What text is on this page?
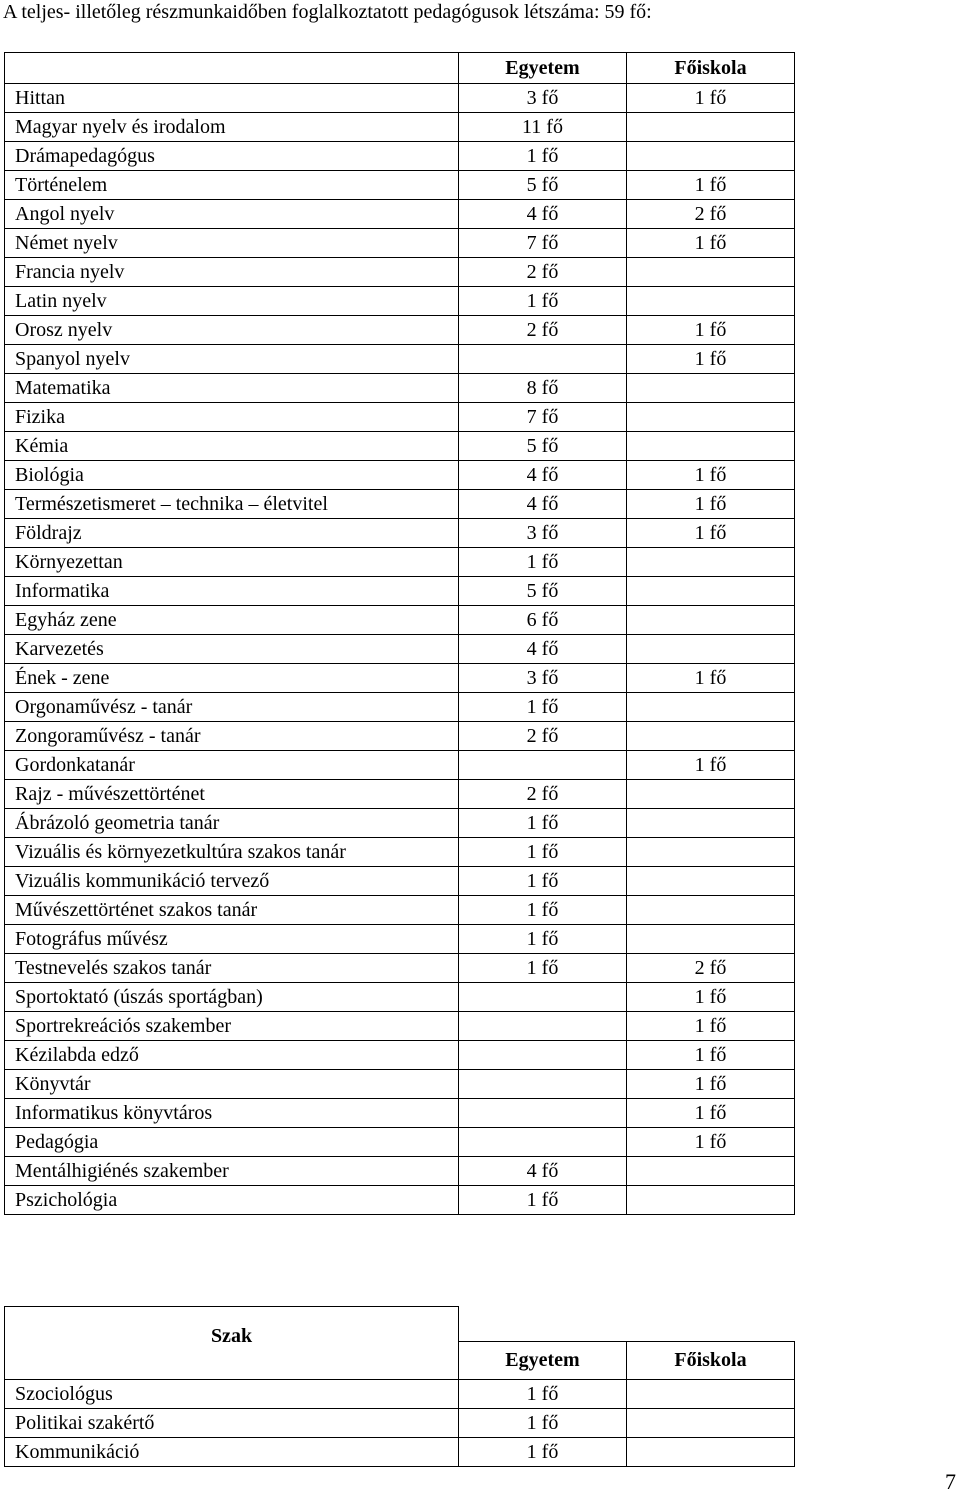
A teljes- illetőleg részmunkaidőben foglalkoztatott pedagógusok létszáma: 59 fő:
	Egyetem	Főiskola
Hittan	3 fő	1 fő
Magyar nyelv és irodalom	11 fő	
Drámapedagógus	1 fő	
Történelem	5 fő	1 fő
Angol nyelv	4 fő	2 fő
Német nyelv	7 fő	1 fő
Francia nyelv	2 fő	
Latin nyelv	1 fő	
Orosz nyelv	2 fő	1 fő
Spanyol nyelv		1 fő
Matematika	8 fő	
Fizika	7 fő	
Kémia	5 fő	
Biológia	4 fő	1 fő
Természetismeret – technika – életvitel	4 fő	1 fő
Földrajz	3 fő	1 fő
Környezettan	1 fő	
Informatika	5 fő	
Egyház zene	6 fő	
Karvezetés	4 fő	
Ének - zene	3 fő	1 fő
Orgonaművész - tanár	1 fő	
Zongoraművész - tanár	2 fő	
Gordonkatanár		1 fő
Rajz - művészettörténet	2 fő	
Ábrázoló geometria tanár	1 fő	
Vizuális és környezetkultúra szakos tanár	1 fő	
Vizuális kommunikáció tervező	1 fő	
Művészettörténet szakos tanár	1 fő	
Fotográfus művész	1 fő	
Testnevelés szakos tanár	1 fő	2 fő
Sportoktató (úszás sportágban)		1 fő
Sportrekreációs szakember		1 fő
Kézilabda edző		1 fő
Könyvtár		1 fő
Informatikus könyvtáros		1 fő
Pedagógia		1 fő
Mentálhigiénés szakember	4 fő	
Pszichológia	1 fő	
Szak		
	Egyetem	Főiskola
Szociológus	1 fő	
Politikai szakértő	1 fő	
Kommunikáció	1 fő	
7
